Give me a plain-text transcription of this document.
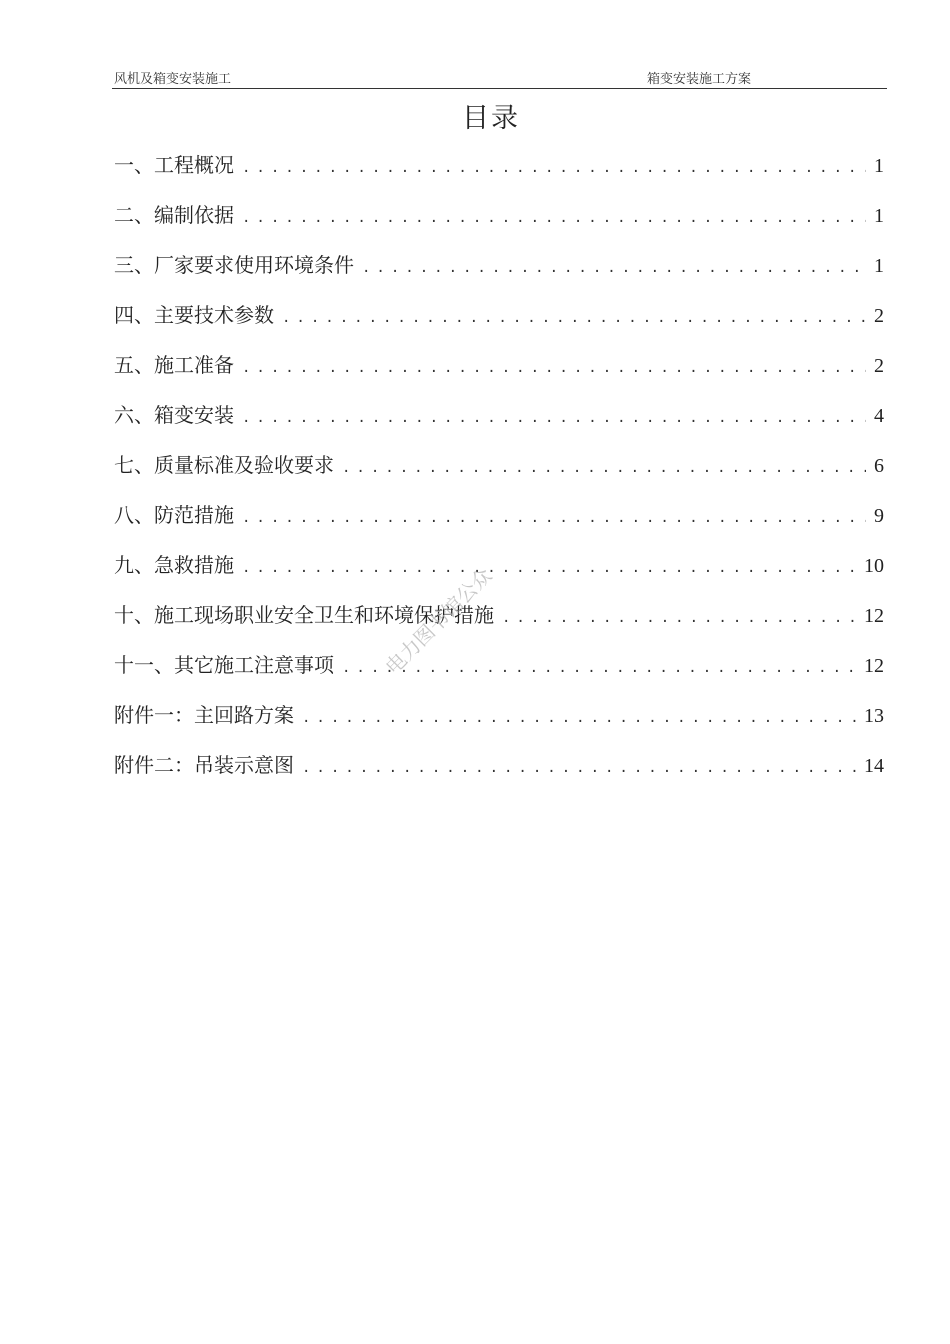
风机及箱变安装施工	箱变安装施工方案
目录
一、工程概况 .....	1
二、编制依据 .....	1
三、厂家要求使用环境条件 .....	1
四、主要技术参数 .....	2
五、施工准备 .....	2
六、箱变安装 .....	4
七、质量标准及验收要求 .....	6
八、防范措施 .....	9
九、急救措施 .....	10
十、施工现场职业安全卫生和环境保护措施 .....	12
十一、其它施工注意事项 .....	12
附件一：主回路方案 .....	13
附件二：吊装示意图 .....	14
电力图书馆公众
